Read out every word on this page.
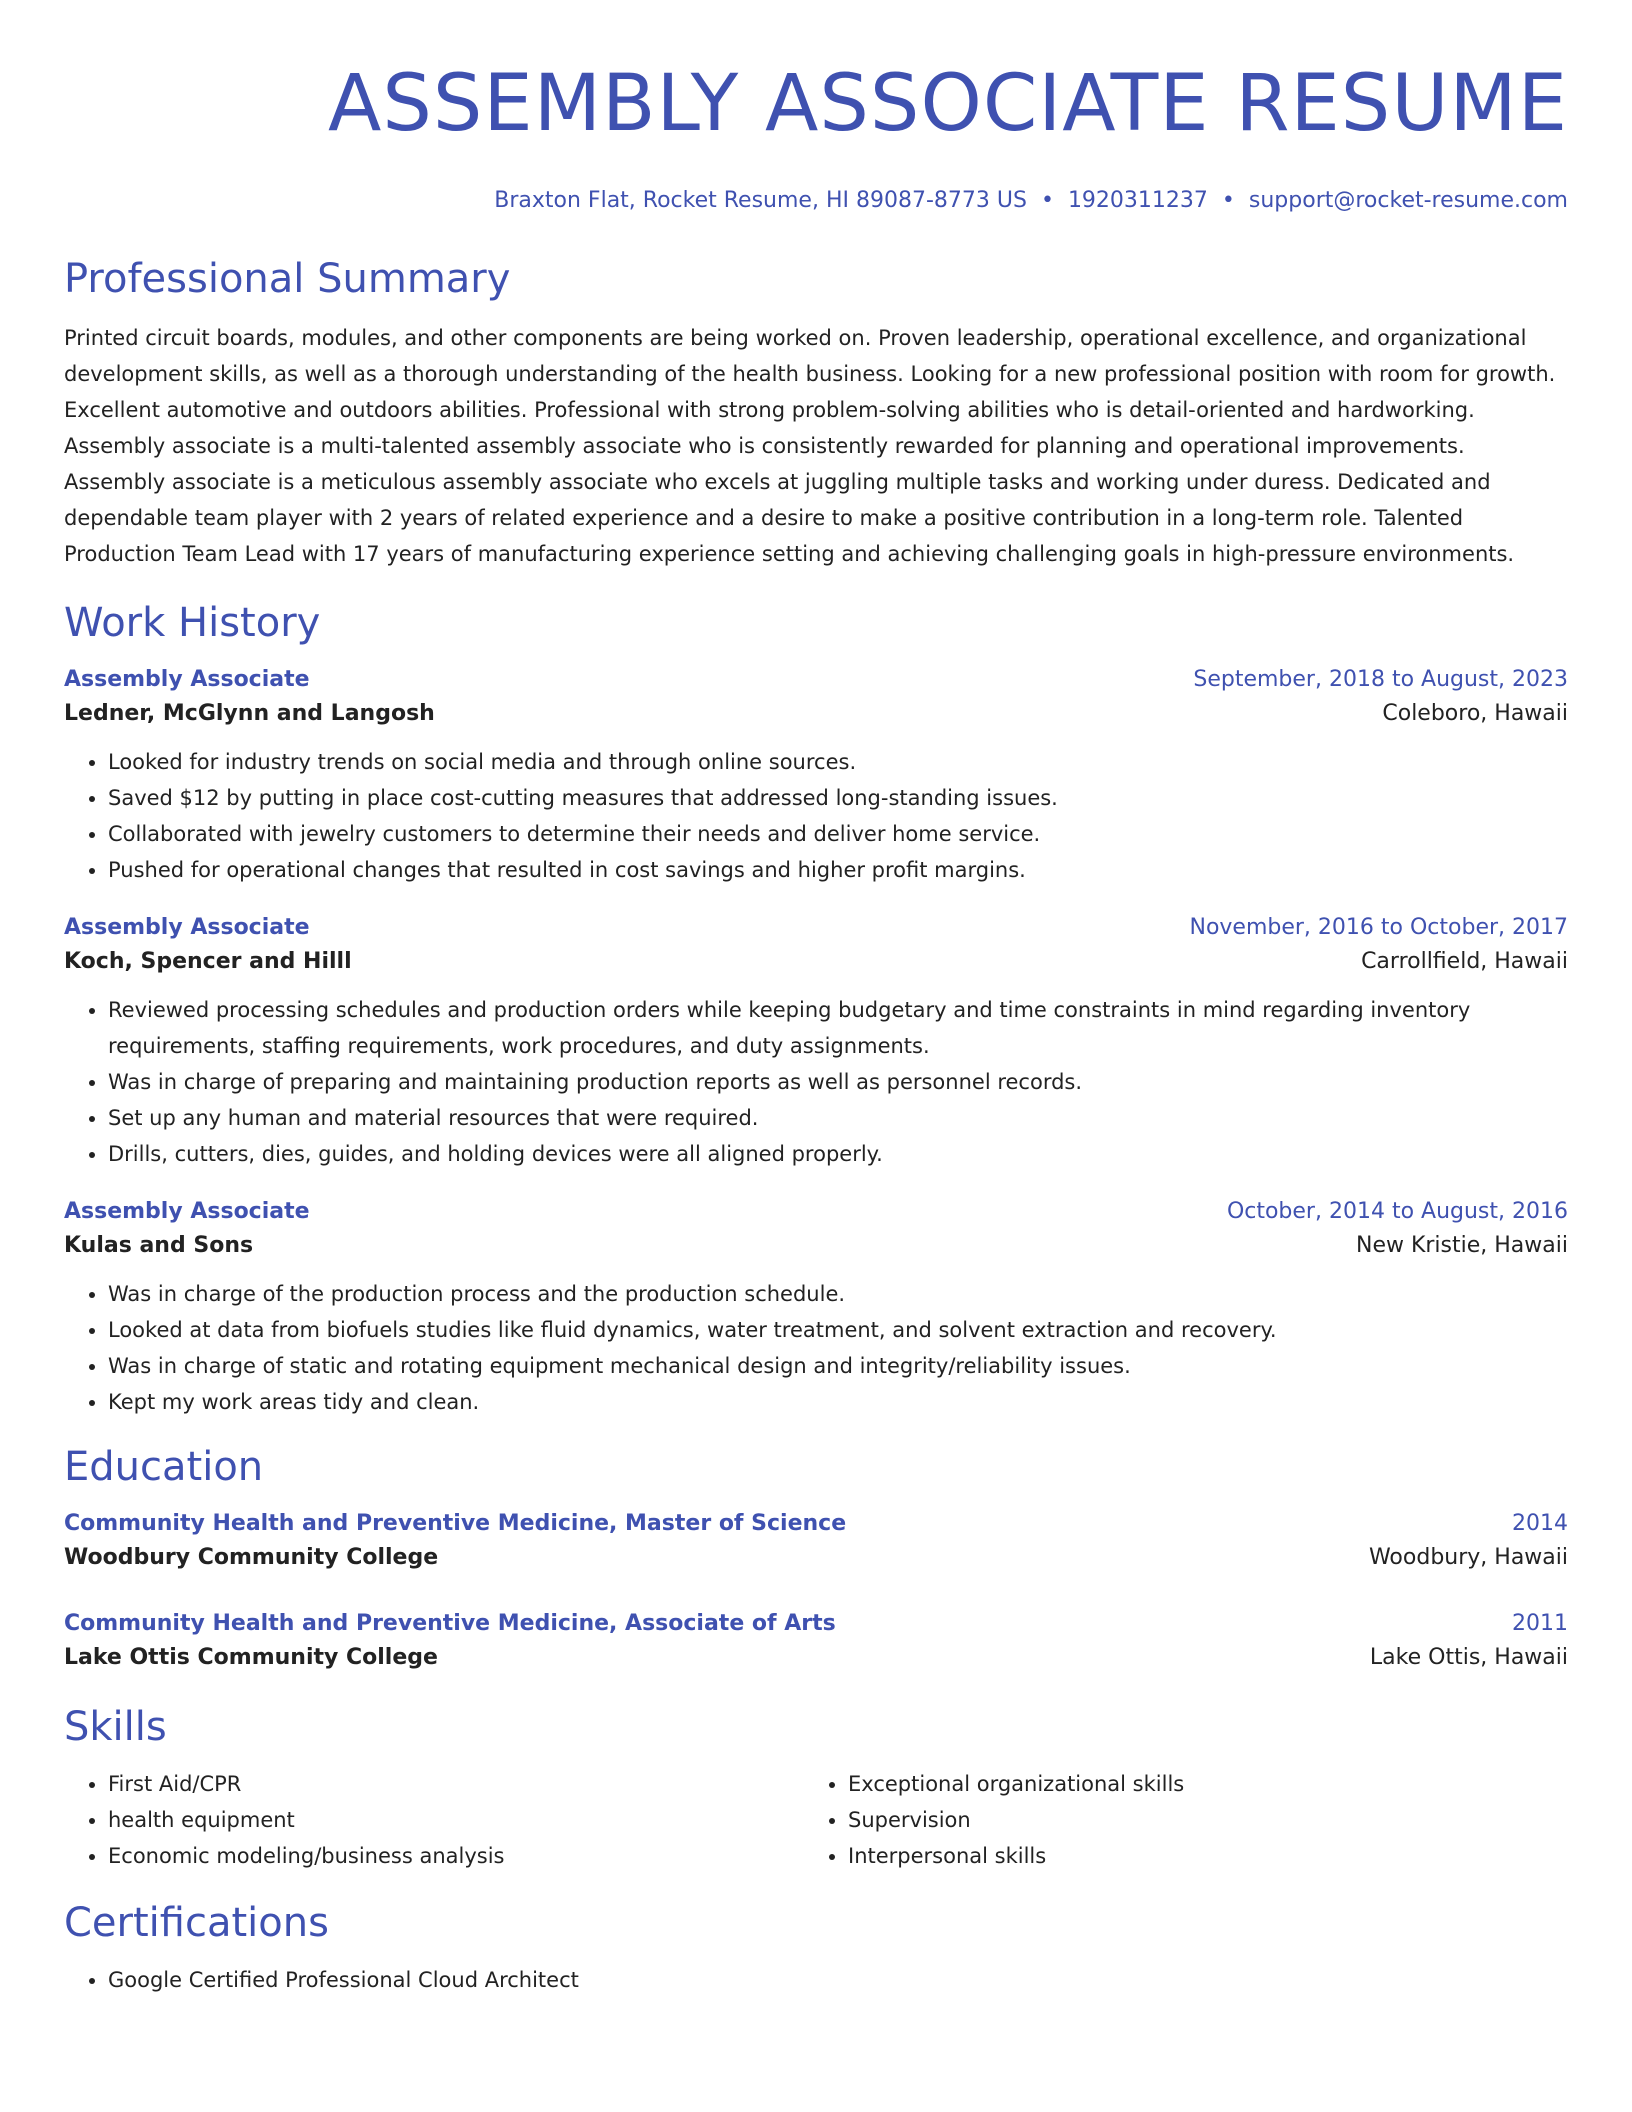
ASSEMBLY ASSOCIATE RESUME
Braxton Flat, Rocket Resume, HI 89087-8773 US • 1920311237 • support@rocket-resume.com
Professional Summary

Printed circuit boards, modules, and other components are being worked on. Proven leadership, operational excellence, and organizational development skills, as well as a thorough understanding of the health business. Looking for a new professional position with room for growth. Excellent automotive and outdoors abilities. Professional with strong problem-solving abilities who is detail-oriented and hardworking. Assembly associate is a multi-talented assembly associate who is consistently rewarded for planning and operational improvements. Assembly associate is a meticulous assembly associate who excels at juggling multiple tasks and working under duress. Dedicated and dependable team player with 2 years of related experience and a desire to make a positive contribution in a long-term role. Talented Production Team Lead with 17 years of manufacturing experience setting and achieving challenging goals in high-pressure environments.

Work History
Assembly Associate	September, 2018 to August, 2023
Ledner, McGlynn and Langosh	Coleboro, Hawaii
• Looked for industry trends on social media and through online sources.
• Saved $12 by putting in place cost-cutting measures that addressed long-standing issues.
• Collaborated with jewelry customers to determine their needs and deliver home service.
• Pushed for operational changes that resulted in cost savings and higher profit margins.
Assembly Associate	November, 2016 to October, 2017
Koch, Spencer and Hilll	Carrollfield, Hawaii
• Reviewed processing schedules and production orders while keeping budgetary and time constraints in mind regarding inventory requirements, staffing requirements, work procedures, and duty assignments.
• Was in charge of preparing and maintaining production reports as well as personnel records.
• Set up any human and material resources that were required.
• Drills, cutters, dies, guides, and holding devices were all aligned properly.
Assembly Associate	October, 2014 to August, 2016
Kulas and Sons	New Kristie, Hawaii
• Was in charge of the production process and the production schedule.
• Looked at data from biofuels studies like fluid dynamics, water treatment, and solvent extraction and recovery.
• Was in charge of static and rotating equipment mechanical design and integrity/reliability issues.
• Kept my work areas tidy and clean.
Education
Community Health and Preventive Medicine, Master of Science	2014
Woodbury Community College	Woodbury, Hawaii
Community Health and Preventive Medicine, Associate of Arts	2011
Lake Ottis Community College	Lake Ottis, Hawaii
Skills
• First Aid/CPR
• health equipment
• Economic modeling/business analysis
• Exceptional organizational skills
• Supervision
• Interpersonal skills
Certifications
• Google Certified Professional Cloud Architect
